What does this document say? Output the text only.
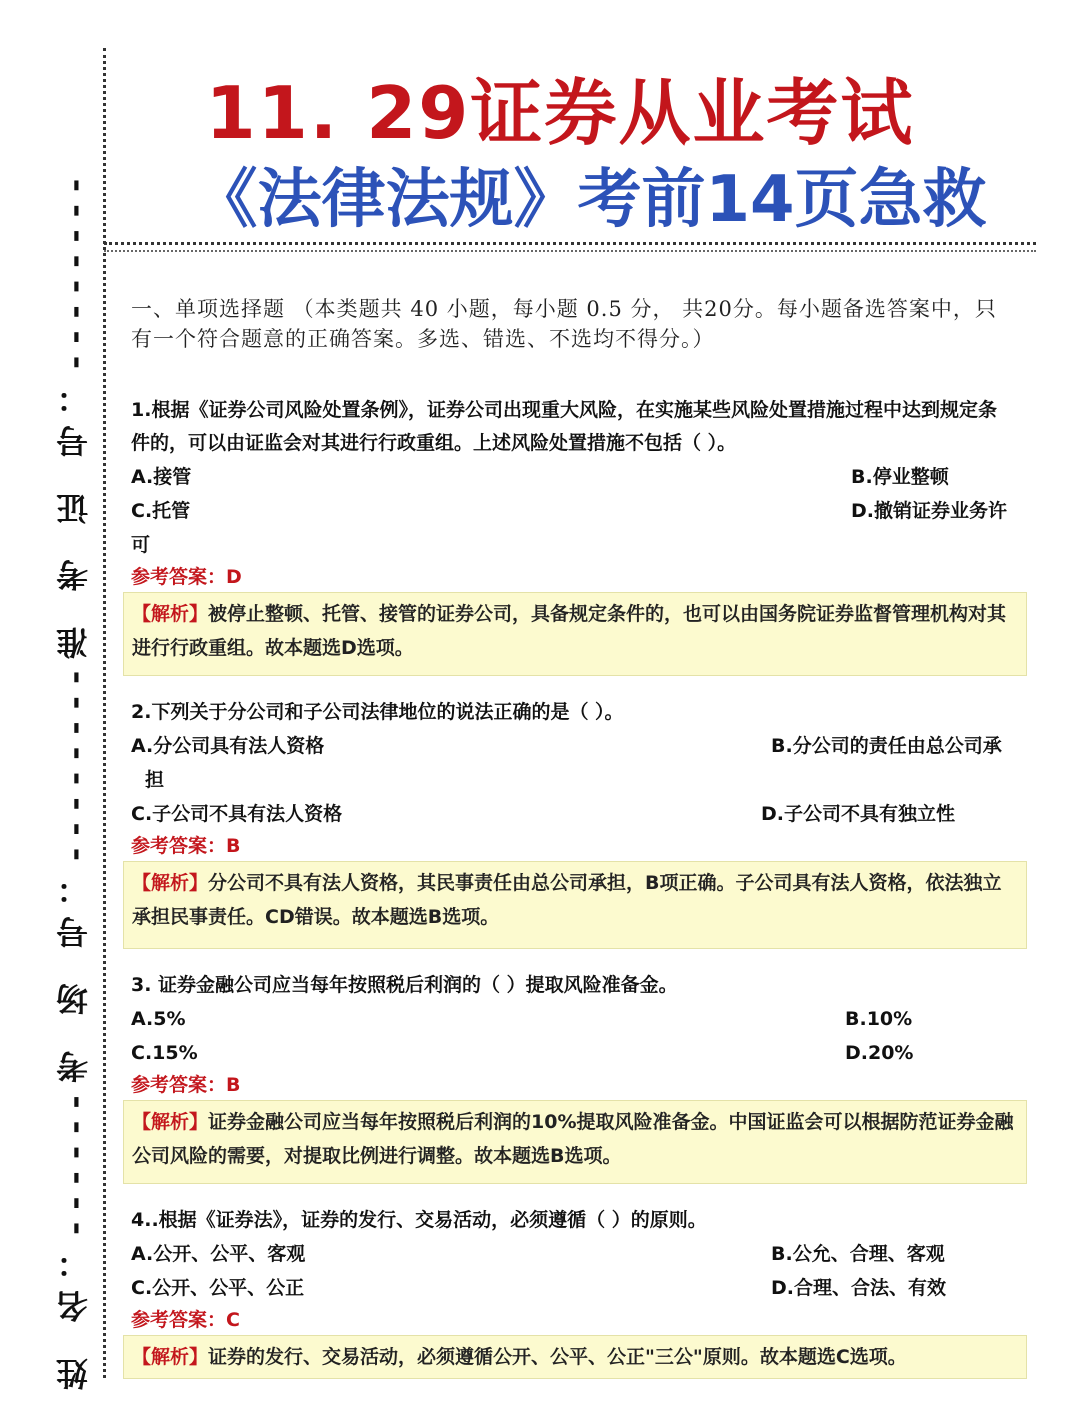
姓 名：
------
考 场 号：
--------
准 考 证 号：
--------
11. 29证券从业考试
《法律法规》考前14页急救

一、单项选择题 （本类题共 40 小题，每小题 0.5 分， 共20分。每小题备选答案中，只有一个符合题意的正确答案。多选、错选、不选均不得分。）

1.根据《证券公司风险处置条例》，证券公司出现重大风险，在实施某些风险处置措施过程中达到规定条件的，可以由证监会对其进行行政重组。上述风险处置措施不包括（ ）。

A.接管	B.停业整顿
C.托管	D.撤销证券业务许
可
参考答案：D
【解析】被停止整顿、托管、接管的证券公司，具备规定条件的，也可以由国务院证券监督管理机构对其进行行政重组。故本题选D选项。

2.下列关于分公司和子公司法律地位的说法正确的是（ ）。

A.分公司具有法人资格	B.分公司的责任由总公司承
担
C.子公司不具有法人资格	D.子公司不具有独立性
参考答案：B
【解析】分公司不具有法人资格，其民事责任由总公司承担，B项正确。子公司具有法人资格，依法独立承担民事责任。CD错误。故本题选B选项。

3. 证券金融公司应当每年按照税后利润的（ ）提取风险准备金。

A.5%	B.10%
C.15%	D.20%
参考答案：B
【解析】证券金融公司应当每年按照税后利润的10%提取风险准备金。中国证监会可以根据防范证券金融公司风险的需要，对提取比例进行调整。故本题选B选项。

4..根据《证券法》，证券的发行、交易活动，必须遵循（ ）的原则。

A.公开、公平、客观	B.公允、合理、客观
C.公开、公平、公正	D.合理、合法、有效
参考答案：C
【解析】证券的发行、交易活动，必须遵循公开、公平、公正"三公"原则。故本题选C选项。
